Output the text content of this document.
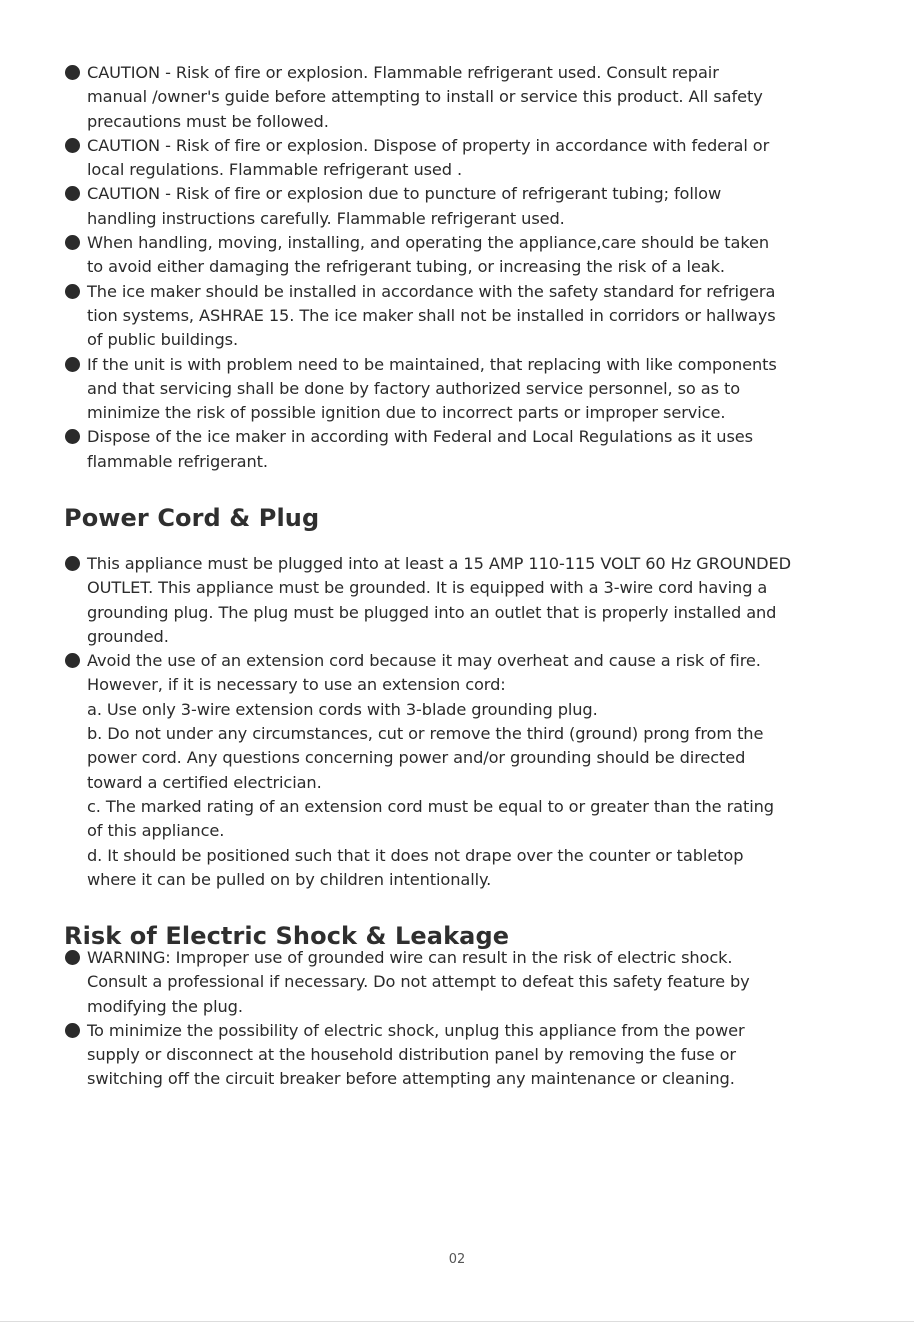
CAUTION - Risk of fire or explosion. Flammable refrigerant used. Consult repair
manual /owner's guide before attempting to install or service this product. All safety
precautions must be followed.
CAUTION - Risk of fire or explosion. Dispose of property in accordance with federal or
local regulations. Flammable refrigerant used .
CAUTION - Risk of fire or explosion due to puncture of refrigerant tubing; follow
handling instructions carefully. Flammable refrigerant used.
When handling, moving, installing, and operating the appliance,care should be taken
to avoid either damaging the refrigerant tubing, or increasing the risk of a leak.
The ice maker should be installed in accordance with the safety standard for refrigera
tion systems, ASHRAE 15. The ice maker shall not be installed in corridors or hallways
of public buildings.
If the unit is with problem need to be maintained, that replacing with like components
and that servicing shall be done by factory authorized service personnel, so as to
minimize the risk of possible ignition due to incorrect parts or improper service.
Dispose of the ice maker in according with Federal and Local Regulations as it uses
flammable refrigerant.
Power Cord & Plug
This appliance must be plugged into at least a 15 AMP 110-115 VOLT 60 Hz GROUNDED
OUTLET. This appliance must be grounded. It is equipped with a 3-wire cord having a
grounding plug. The plug must be plugged into an outlet that is properly installed and
grounded.
Avoid the use of an extension cord because it may overheat and cause a risk of fire.
However, if it is necessary to use an extension cord:
a. Use only 3-wire extension cords with 3-blade grounding plug.
b. Do not under any circumstances, cut or remove the third (ground) prong from the
power cord. Any questions concerning power and/or grounding should be directed
toward a certified electrician.
c. The marked rating of an extension cord must be equal to or greater than the rating
of this appliance.
d. It should be positioned such that it does not drape over the counter or tabletop
where it can be pulled on by children intentionally.
Risk of Electric Shock & Leakage
WARNING: Improper use of grounded wire can result in the risk of electric shock.
Consult a professional if necessary. Do not attempt to defeat this safety feature by
modifying the plug.
To minimize the possibility of electric shock, unplug this appliance from the power
supply or disconnect at the household distribution panel by removing the fuse or
switching off the circuit breaker before attempting any maintenance or cleaning.
02
